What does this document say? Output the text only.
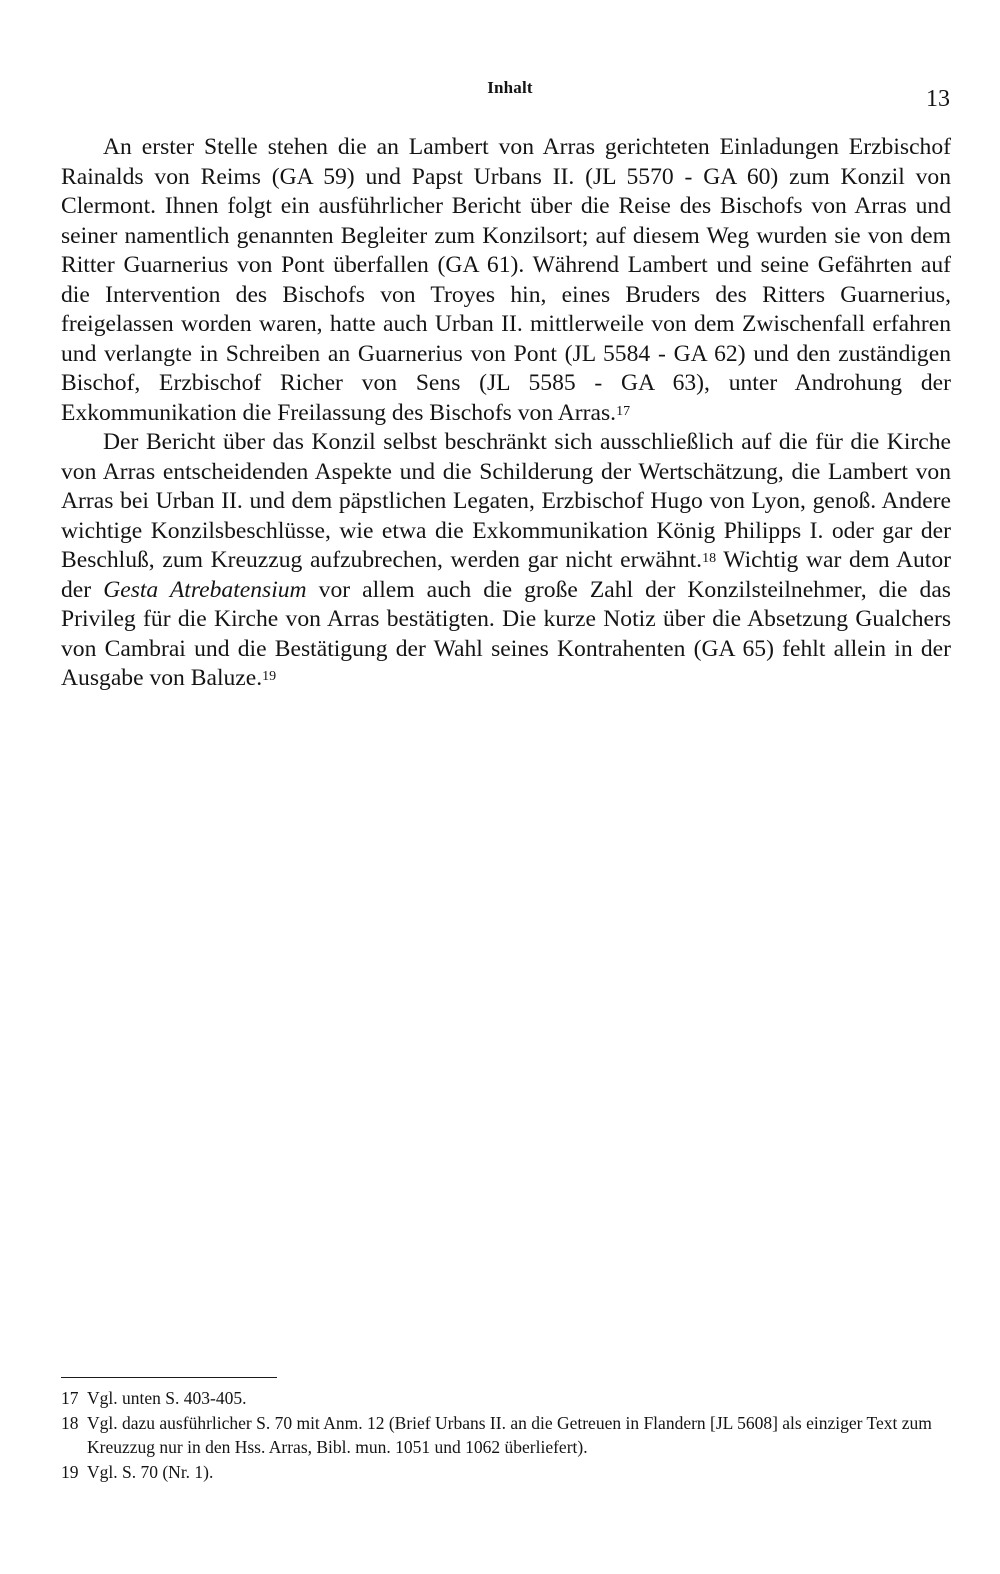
Inhalt	13

An erster Stelle stehen die an Lambert von Arras gerichteten Einladungen Erzbischof Rainalds von Reims (GA 59) und Papst Urbans II. (JL 5570 - GA 60) zum Konzil von Clermont. Ihnen folgt ein ausführlicher Bericht über die Reise des Bischofs von Arras und seiner namentlich genannten Begleiter zum Konzilsort; auf diesem Weg wurden sie von dem Ritter Guarnerius von Pont überfallen (GA 61). Während Lambert und seine Gefährten auf die Intervention des Bischofs von Troyes hin, eines Bruders des Ritters Guarnerius, freigelassen worden waren, hatte auch Urban II. mittlerweile von dem Zwischenfall erfahren und verlangte in Schreiben an Guarnerius von Pont (JL 5584 - GA 62) und den zuständigen Bischof, Erzbischof Richer von Sens (JL 5585 - GA 63), unter Androhung der Exkommunikation die Freilassung des Bischofs von Arras.$^{17}$

Der Bericht über das Konzil selbst beschränkt sich ausschließlich auf die für die Kirche von Arras entscheidenden Aspekte und die Schilderung der Wertschätzung, die Lambert von Arras bei Urban II. und dem päpstlichen Legaten, Erzbischof Hugo von Lyon, genoß. Andere wichtige Konzilsbeschlüsse, wie etwa die Exkommunikation König Philipps I. oder gar der Beschluß, zum Kreuzzug aufzubrechen, werden gar nicht erwähnt.$^{18}$ Wichtig war dem Autor der Gesta Atrebatensium vor allem auch die große Zahl der Konzilsteilnehmer, die das Privileg für die Kirche von Arras bestätigten. Die kurze Notiz über die Absetzung Gualchers von Cambrai und die Bestätigung der Wahl seines Kontrahenten (GA 65) fehlt allein in der Ausgabe von Baluze.$^{19}$

17 Vgl. unten S. 403-405.

18 Vgl. dazu ausführlicher S. 70 mit Anm. 12 (Brief Urbans II. an die Getreuen in Flandern [JL 5608] als einziger Text zum Kreuzzug nur in den Hss. Arras, Bibl. mun. 1051 und 1062 überliefert).

19 Vgl. S. 70 (Nr. 1).
